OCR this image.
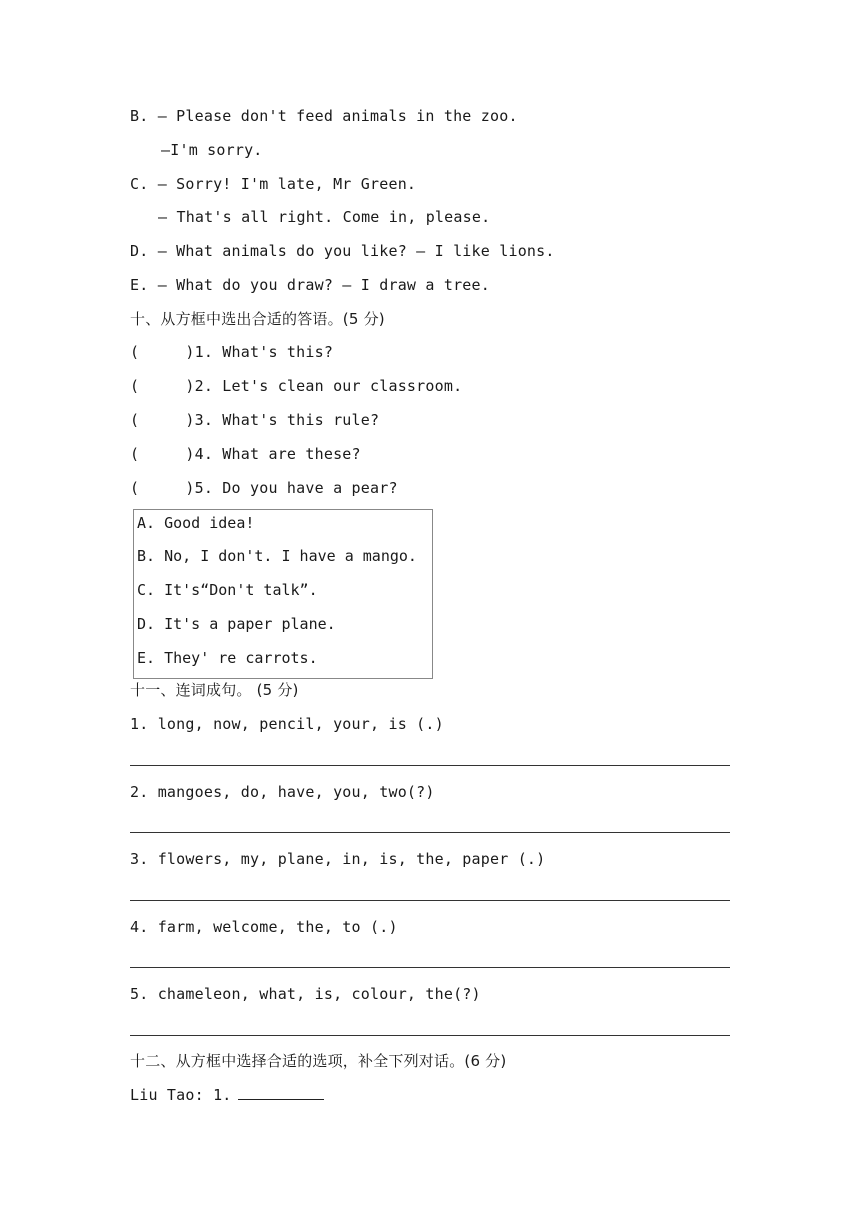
B. — Please don't feed animals in the zoo.
—I'm sorry.
C. — Sorry! I'm late, Mr Green.
— That's all right. Come in, please.
D. — What animals do you like? — I like lions.
E. — What do you draw? — I draw a tree.
十、从方框中选出合适的答语。(5 分)
(     )1. What's this?
(     )2. Let's clean our classroom.
(     )3. What's this rule?
(     )4. What are these?
(     )5. Do you have a pear?
A. Good idea!
B. No, I don't. I have a mango.
C. It's“Don't talk”.
D. It's a paper plane.
E. They' re carrots.
十一、连词成句。 (5 分)
1. long, now, pencil, your, is (.)
2. mangoes, do, have, you, two(?)
3. flowers, my, plane, in, is, the, paper (.)
4. farm, welcome, the, to (.)
5. chameleon, what, is, colour, the(?)
十二、从方框中选择合适的选项，补全下列对话。(6 分)
Liu Tao: 1.
